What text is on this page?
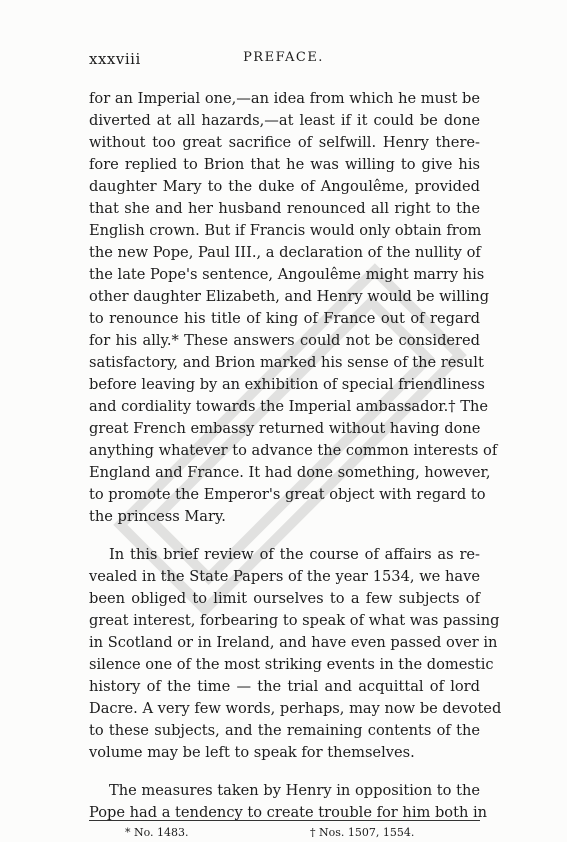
xxxviii	PREFACE.
for an Imperial one,—an idea from which he must be
diverted at all hazards,—at least if it could be done
without too great sacrifice of selfwill. Henry there-
fore replied to Brion that he was willing to give his
daughter Mary to the duke of Angoulême, provided
that she and her husband renounced all right to the
English crown. But if Francis would only obtain from
the new Pope, Paul III., a declaration of the nullity of
the late Pope's sentence, Angoulême might marry his
other daughter Elizabeth, and Henry would be willing
to renounce his title of king of France out of regard
for his ally.* These answers could not be considered
satisfactory, and Brion marked his sense of the result
before leaving by an exhibition of special friendliness
and cordiality towards the Imperial ambassador.† The
great French embassy returned without having done
anything whatever to advance the common interests of
England and France. It had done something, however,
to promote the Emperor's great object with regard to
the princess Mary.
In this brief review of the course of affairs as re-
vealed in the State Papers of the year 1534, we have
been obliged to limit ourselves to a few subjects of
great interest, forbearing to speak of what was passing
in Scotland or in Ireland, and have even passed over in
silence one of the most striking events in the domestic
history of the time — the trial and acquittal of lord
Dacre. A very few words, perhaps, may now be devoted
to these subjects, and the remaining contents of the
volume may be left to speak for themselves.
The measures taken by Henry in opposition to the
Pope had a tendency to create trouble for him both in
* No. 1483.	† Nos. 1507, 1554.
